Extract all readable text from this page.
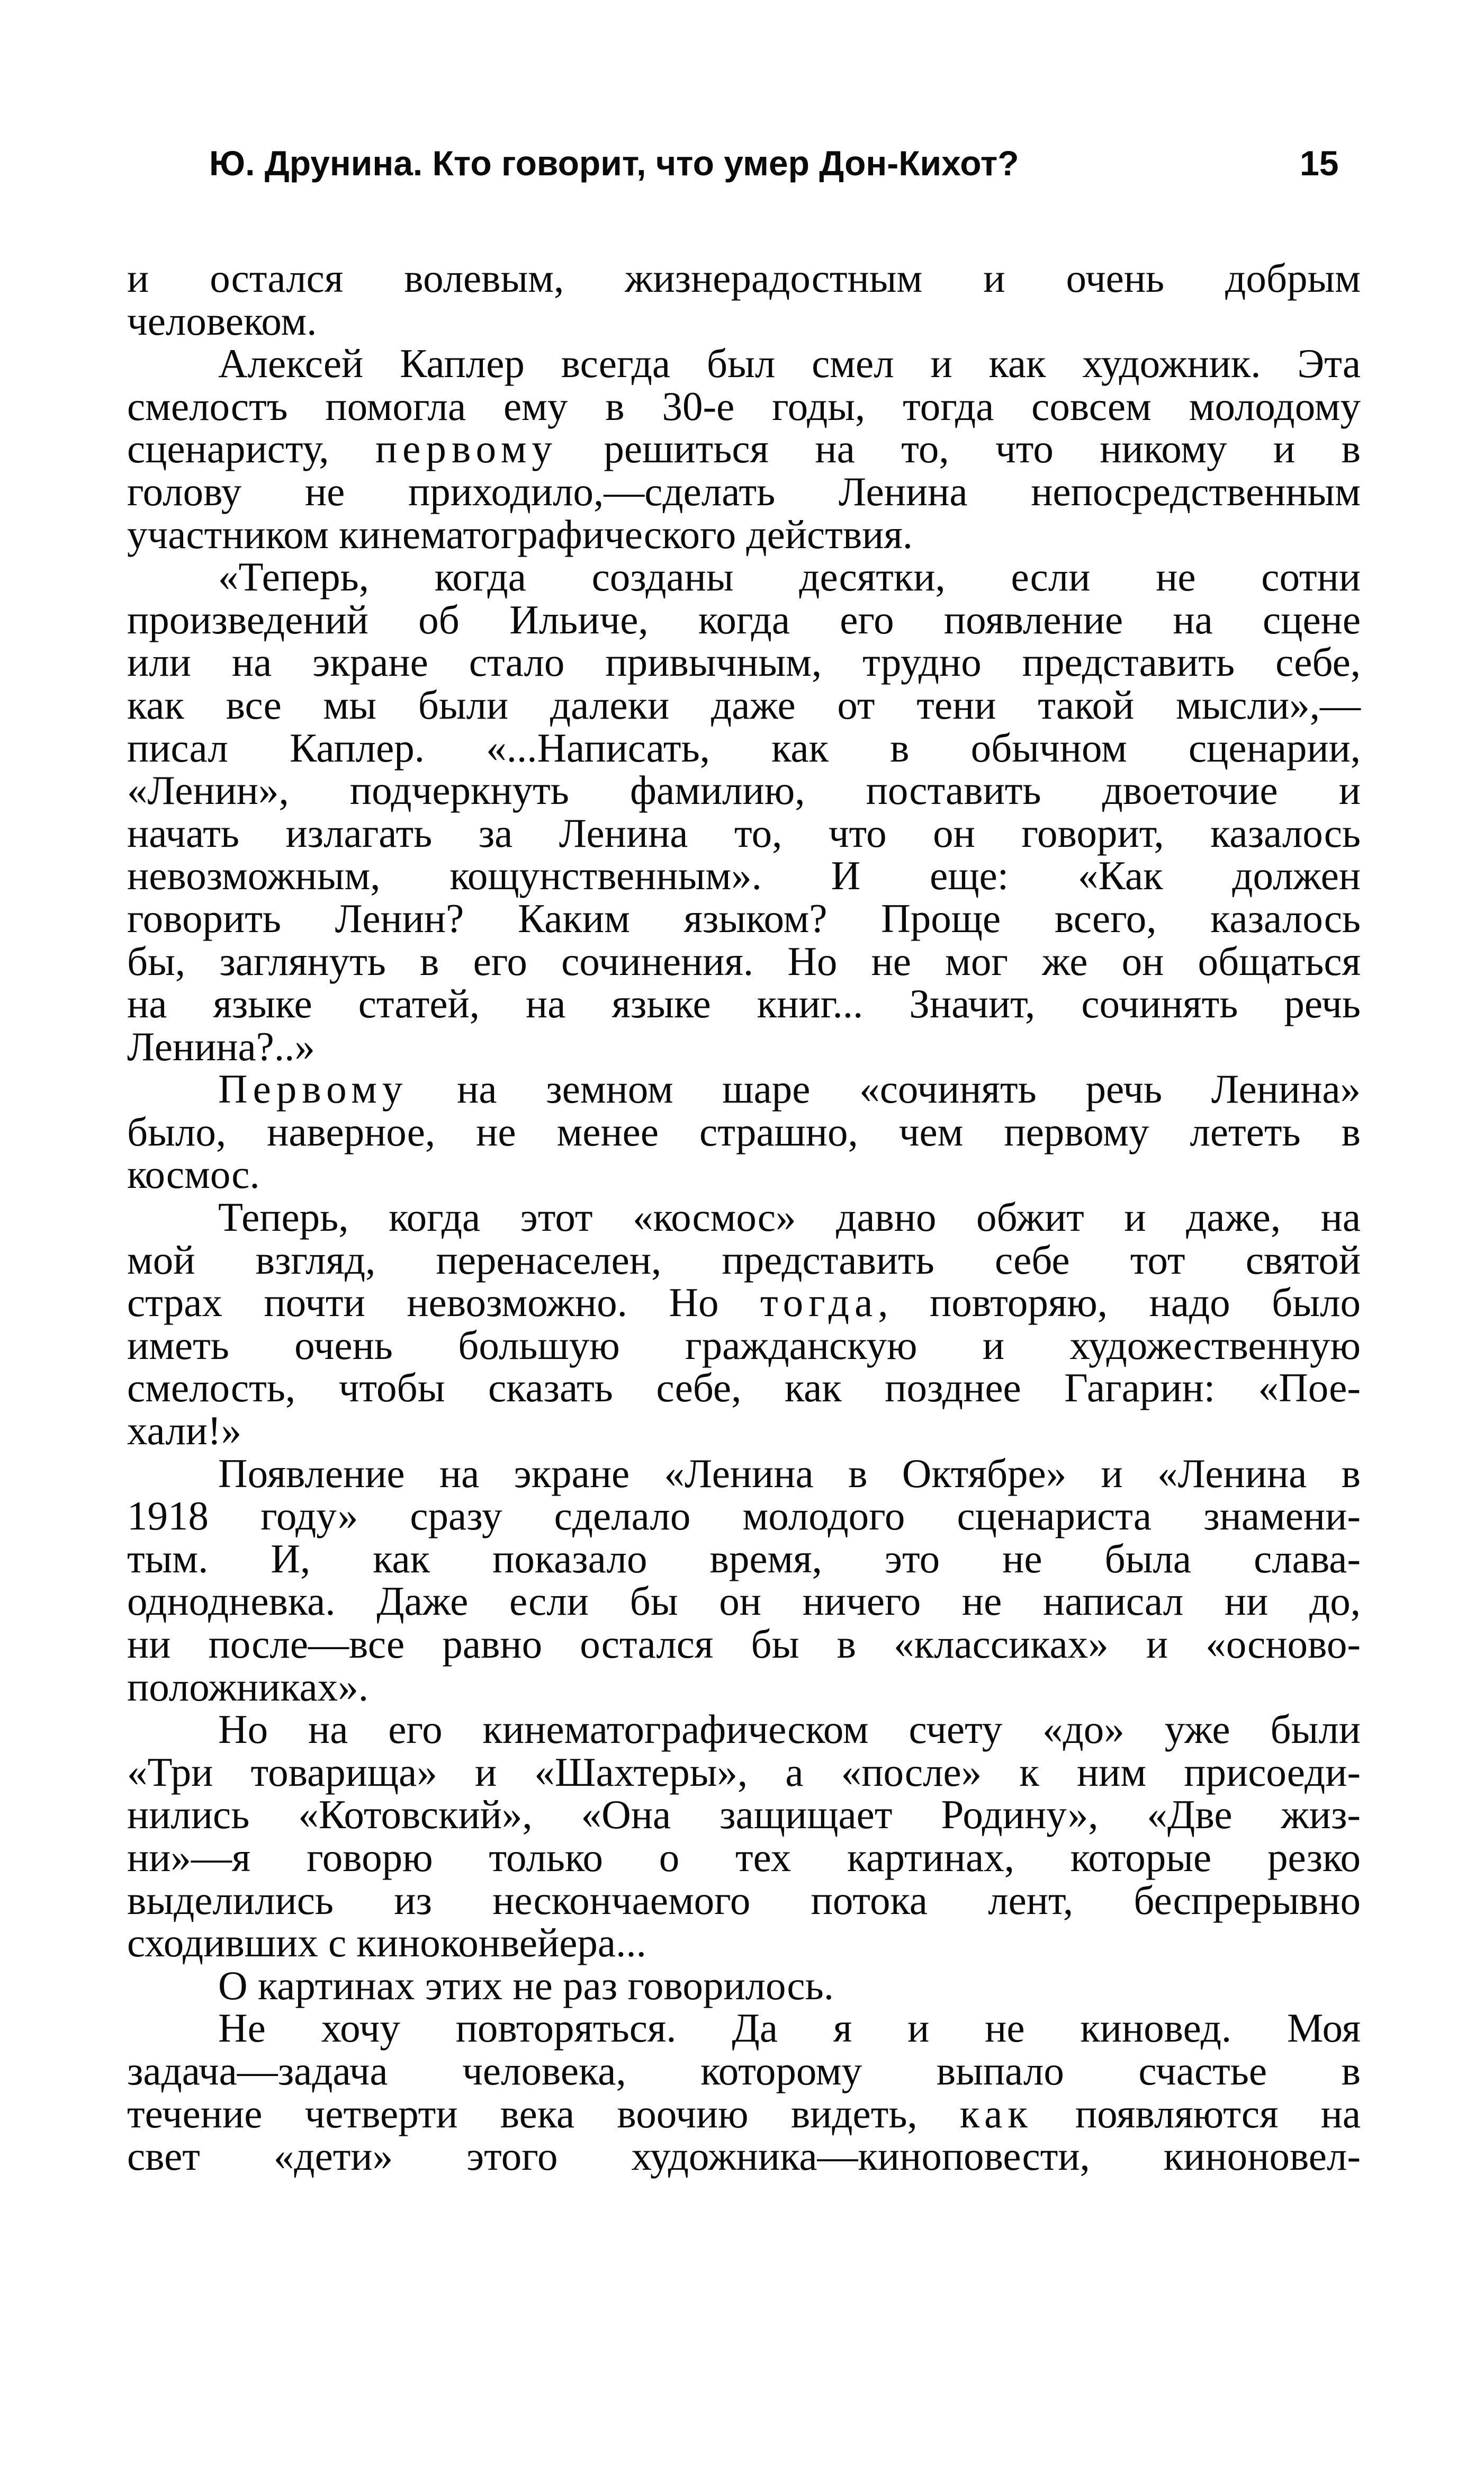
Ю. Друнина. Кто говорит, что умер Дон-Кихот?	15

и остался волевым, жизнерадостным и очень добрым
человеком.

Алексей Каплер всегда был смел и как художник. Эта
смелостъ помогла ему в 30-е годы, тогда совсем молодому
сценаристу, первому решиться на то, что никому и в
голову не приходило,—сделать Ленина непосредственным
участником кинематографического действия.

«Теперь, когда созданы десятки, если не сотни
произведений об Ильиче, когда его появление на сцене
или на экране стало привычным, трудно представить себе,
как все мы были далеки даже от тени такой мысли»,—
писал Каплер. «...Написать, как в обычном сценарии,
«Ленин», подчеркнуть фамилию, поставить двоеточие и
начать излагать за Ленина то, что он говорит, казалось
невозможным, кощунственным». И еще: «Как должен
говорить Ленин? Каким языком? Проще всего, казалось
бы, заглянуть в его сочинения. Но не мог же он общаться
на языке статей, на языке книг... Значит, сочинять речь
Ленина?..»

Первому на земном шаре «сочинять речь Ленина»
было, наверное, не менее страшно, чем первому лететь в
космос.

Теперь, когда этот «космос» давно обжит и даже, на
мой взгляд, перенаселен, представить себе тот святой
страх почти невозможно. Но тогда, повторяю, надо было
иметь очень большую гражданскую и художественную
смелость, чтобы сказать себе, как позднее Гагарин: «Пое-
хали!»

Появление на экране «Ленина в Октябре» и «Ленина в
1918 году» сразу сделало молодого сценариста знамени-
тым. И, как показало время, это не была слава-
однодневка. Даже если бы он ничего не написал ни до,
ни после—все равно остался бы в «классиках» и «осново-
положниках».

Но на его кинематографическом счету «до» уже были
«Три товарища» и «Шахтеры», а «после» к ним присоеди-
нились «Котовский», «Она защищает Родину», «Две жиз-
ни»—я говорю только о тех картинах, которые резко
выделились из нескончаемого потока лент, беспрерывно
сходивших с киноконвейера...

О картинах этих не раз говорилось.

Не хочу повторяться. Да я и не киновед. Моя
задача—задача человека, которому выпало счастье в
течение четверти века воочию видеть, как появляются на
свет «дети» этого художника—киноповести, киноновел-
